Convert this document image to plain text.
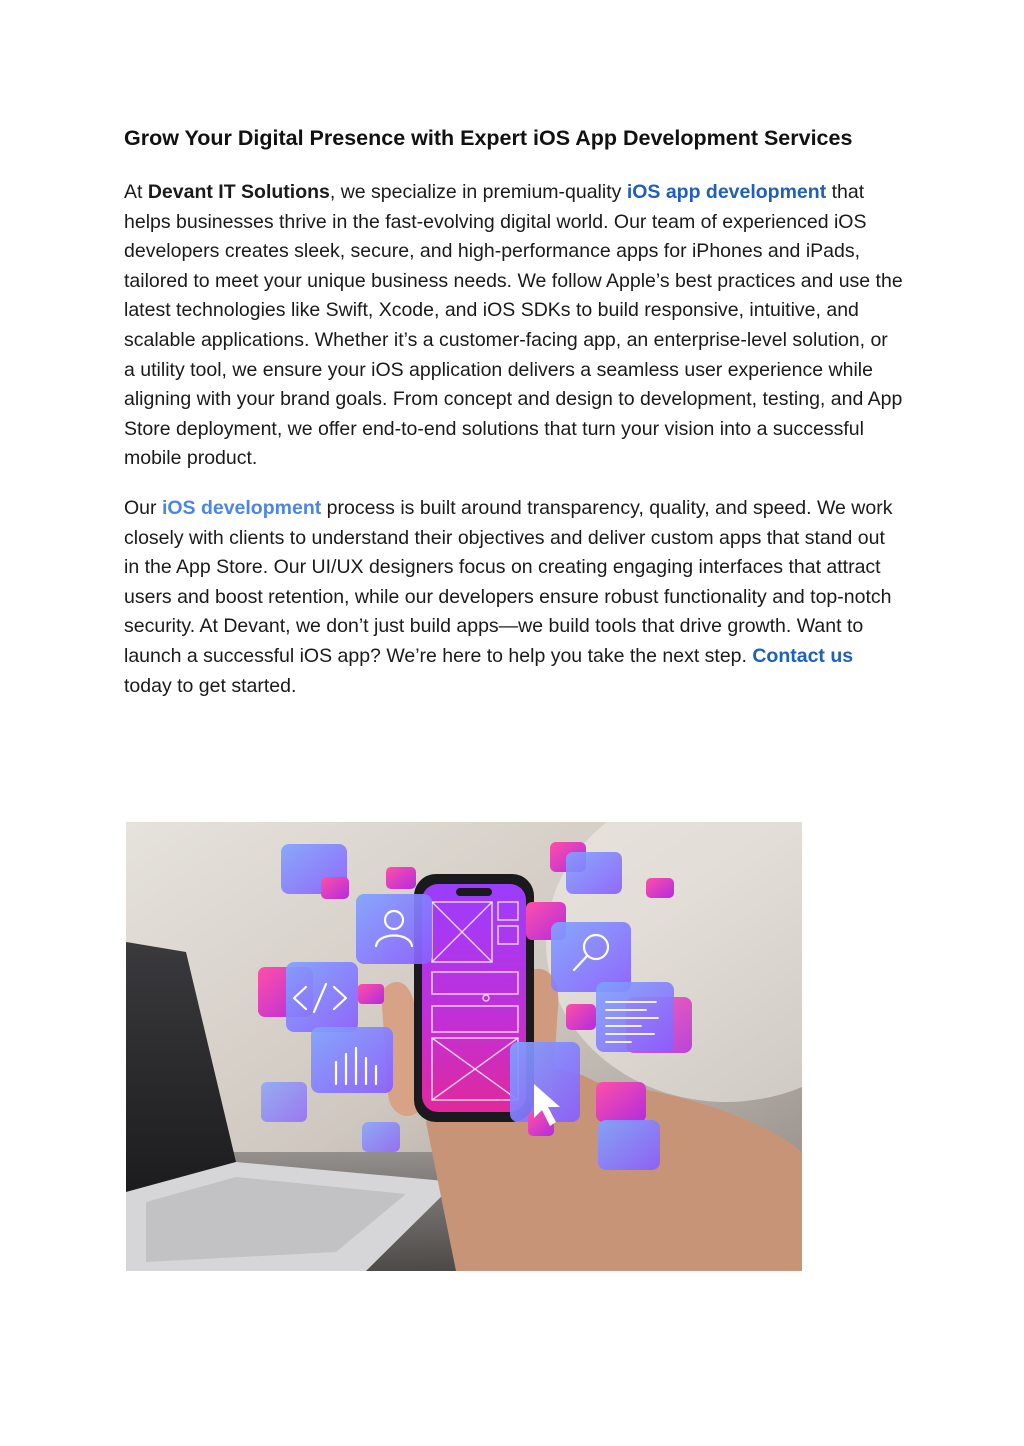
Grow Your Digital Presence with Expert iOS App Development Services

At Devant IT Solutions, we specialize in premium-quality iOS app development that helps businesses thrive in the fast-evolving digital world. Our team of experienced iOS developers creates sleek, secure, and high-performance apps for iPhones and iPads, tailored to meet your unique business needs. We follow Apple’s best practices and use the latest technologies like Swift, Xcode, and iOS SDKs to build responsive, intuitive, and scalable applications. Whether it’s a customer-facing app, an enterprise-level solution, or a utility tool, we ensure your iOS application delivers a seamless user experience while aligning with your brand goals. From concept and design to development, testing, and App Store deployment, we offer end-to-end solutions that turn your vision into a successful mobile product.

Our iOS development process is built around transparency, quality, and speed. We work closely with clients to understand their objectives and deliver custom apps that stand out in the App Store. Our UI/UX designers focus on creating engaging interfaces that attract users and boost retention, while our developers ensure robust functionality and top-notch security. At Devant, we don’t just build apps—we build tools that drive growth. Want to launch a successful iOS app? We’re here to help you take the next step. Contact us today to get started.
